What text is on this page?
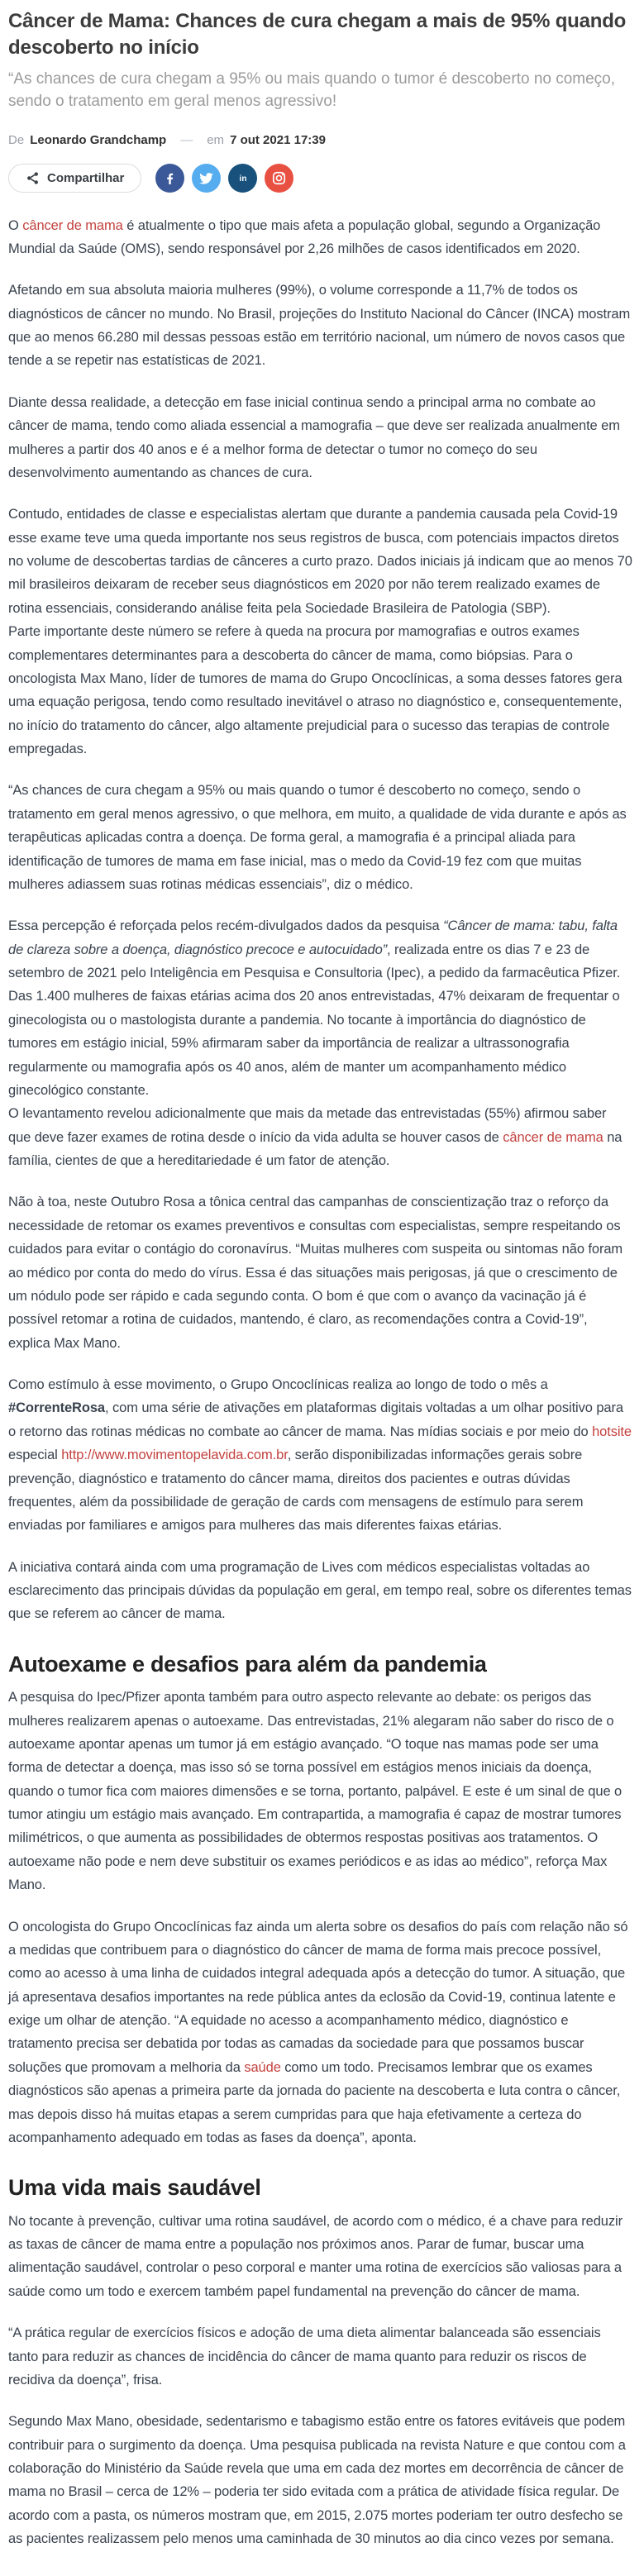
Câncer de Mama: Chances de cura chegam a mais de 95% quando descoberto no início

“As chances de cura chegam a 95% ou mais quando o tumor é descoberto no começo, sendo o tratamento em geral menos agressivo!

De Leonardo Grandchamp — em 7 out 2021 17:39
Compartilhar	in

O câncer de mama é atualmente o tipo que mais afeta a população global, segundo a Organização Mundial da Saúde (OMS), sendo responsável por 2,26 milhões de casos identificados em 2020.

Afetando em sua absoluta maioria mulheres (99%), o volume corresponde a 11,7% de todos os diagnósticos de câncer no mundo. No Brasil, projeções do Instituto Nacional do Câncer (INCA) mostram que ao menos 66.280 mil dessas pessoas estão em território nacional, um número de novos casos que tende a se repetir nas estatísticas de 2021.

Diante dessa realidade, a detecção em fase inicial continua sendo a principal arma no combate ao câncer de mama, tendo como aliada essencial a mamografia – que deve ser realizada anualmente em mulheres a partir dos 40 anos e é a melhor forma de detectar o tumor no começo do seu desenvolvimento aumentando as chances de cura.

Contudo, entidades de classe e especialistas alertam que durante a pandemia causada pela Covid-19 esse exame teve uma queda importante nos seus registros de busca, com potenciais impactos diretos no volume de descobertas tardias de cânceres a curto prazo. Dados iniciais já indicam que ao menos 70 mil brasileiros deixaram de receber seus diagnósticos em 2020 por não terem realizado exames de rotina essenciais, considerando análise feita pela Sociedade Brasileira de Patologia (SBP).

Parte importante deste número se refere à queda na procura por mamografias e outros exames complementares determinantes para a descoberta do câncer de mama, como biópsias. Para o oncologista Max Mano, líder de tumores de mama do Grupo Oncoclínicas, a soma desses fatores gera uma equação perigosa, tendo como resultado inevitável o atraso no diagnóstico e, consequentemente, no início do tratamento do câncer, algo altamente prejudicial para o sucesso das terapias de controle empregadas.

“As chances de cura chegam a 95% ou mais quando o tumor é descoberto no começo, sendo o tratamento em geral menos agressivo, o que melhora, em muito, a qualidade de vida durante e após as terapêuticas aplicadas contra a doença. De forma geral, a mamografia é a principal aliada para identificação de tumores de mama em fase inicial, mas o medo da Covid-19 fez com que muitas mulheres adiassem suas rotinas médicas essenciais”, diz o médico.

Essa percepção é reforçada pelos recém-divulgados dados da pesquisa “Câncer de mama: tabu, falta de clareza sobre a doença, diagnóstico precoce e autocuidado”, realizada entre os dias 7 e 23 de setembro de 2021 pelo Inteligência em Pesquisa e Consultoria (Ipec), a pedido da farmacêutica Pfizer. Das 1.400 mulheres de faixas etárias acima dos 20 anos entrevistadas, 47% deixaram de frequentar o ginecologista ou o mastologista durante a pandemia. No tocante à importância do diagnóstico de tumores em estágio inicial, 59% afirmaram saber da importância de realizar a ultrassonografia regularmente ou mamografia após os 40 anos, além de manter um acompanhamento médico ginecológico constante.

O levantamento revelou adicionalmente que mais da metade das entrevistadas (55%) afirmou saber que deve fazer exames de rotina desde o início da vida adulta se houver casos de câncer de mama na família, cientes de que a hereditariedade é um fator de atenção.

Não à toa, neste Outubro Rosa a tônica central das campanhas de conscientização traz o reforço da necessidade de retomar os exames preventivos e consultas com especialistas, sempre respeitando os cuidados para evitar o contágio do coronavírus. “Muitas mulheres com suspeita ou sintomas não foram ao médico por conta do medo do vírus. Essa é das situações mais perigosas, já que o crescimento de um nódulo pode ser rápido e cada segundo conta. O bom é que com o avanço da vacinação já é possível retomar a rotina de cuidados, mantendo, é claro, as recomendações contra a Covid-19”, explica Max Mano.

Como estímulo à esse movimento, o Grupo Oncoclínicas realiza ao longo de todo o mês a #CorrenteRosa, com uma série de ativações em plataformas digitais voltadas a um olhar positivo para o retorno das rotinas médicas no combate ao câncer de mama. Nas mídias sociais e por meio do hotsite
especial http://www.movimentopelavida.com.br, serão disponibilizadas informações gerais sobre prevenção, diagnóstico e tratamento do câncer mama, direitos dos pacientes e outras dúvidas frequentes, além da possibilidade de geração de cards com mensagens de estímulo para serem enviadas por familiares e amigos para mulheres das mais diferentes faixas etárias.

A iniciativa contará ainda com uma programação de Lives com médicos especialistas voltadas ao esclarecimento das principais dúvidas da população em geral, em tempo real, sobre os diferentes temas que se referem ao câncer de mama.

Autoexame e desafios para além da pandemia

A pesquisa do Ipec/Pfizer aponta também para outro aspecto relevante ao debate: os perigos das mulheres realizarem apenas o autoexame. Das entrevistadas, 21% alegaram não saber do risco de o autoexame apontar apenas um tumor já em estágio avançado. “O toque nas mamas pode ser uma forma de detectar a doença, mas isso só se torna possível em estágios menos iniciais da doença, quando o tumor fica com maiores dimensões e se torna, portanto, palpável. E este é um sinal de que o tumor atingiu um estágio mais avançado. Em contrapartida, a mamografia é capaz de mostrar tumores milimétricos, o que aumenta as possibilidades de obtermos respostas positivas aos tratamentos. O autoexame não pode e nem deve substituir os exames periódicos e as idas ao médico”, reforça Max Mano.

O oncologista do Grupo Oncoclínicas faz ainda um alerta sobre os desafios do país com relação não só a medidas que contribuem para o diagnóstico do câncer de mama de forma mais precoce possível, como ao acesso à uma linha de cuidados integral adequada após a detecção do tumor. A situação, que já apresentava desafios importantes na rede pública antes da eclosão da Covid-19, continua latente e exige um olhar de atenção. “A equidade no acesso a acompanhamento médico, diagnóstico e tratamento precisa ser debatida por todas as camadas da sociedade para que possamos buscar soluções que promovam a melhoria da saúde como um todo. Precisamos lembrar que os exames diagnósticos são apenas a primeira parte da jornada do paciente na descoberta e luta contra o câncer, mas depois disso há muitas etapas a serem cumpridas para que haja efetivamente a certeza do acompanhamento adequado em todas as fases da doença”, aponta.

Uma vida mais saudável

No tocante à prevenção, cultivar uma rotina saudável, de acordo com o médico, é a chave para reduzir as taxas de câncer de mama entre a população nos próximos anos. Parar de fumar, buscar uma alimentação saudável, controlar o peso corporal e manter uma rotina de exercícios são valiosas para a saúde como um todo e exercem também papel fundamental na prevenção do câncer de mama.

“A prática regular de exercícios físicos e adoção de uma dieta alimentar balanceada são essenciais tanto para reduzir as chances de incidência do câncer de mama quanto para reduzir os riscos de recidiva da doença”, frisa.

Segundo Max Mano, obesidade, sedentarismo e tabagismo estão entre os fatores evitáveis que podem contribuir para o surgimento da doença. Uma pesquisa publicada na revista Nature e que contou com a colaboração do Ministério da Saúde revela que uma em cada dez mortes em decorrência de câncer de mama no Brasil – cerca de 12% – poderia ter sido evitada com a prática de atividade física regular. De acordo com a pasta, os números mostram que, em 2015, 2.075 mortes poderiam ter outro desfecho se as pacientes realizassem pelo menos uma caminhada de 30 minutos ao dia cinco vezes por semana.
